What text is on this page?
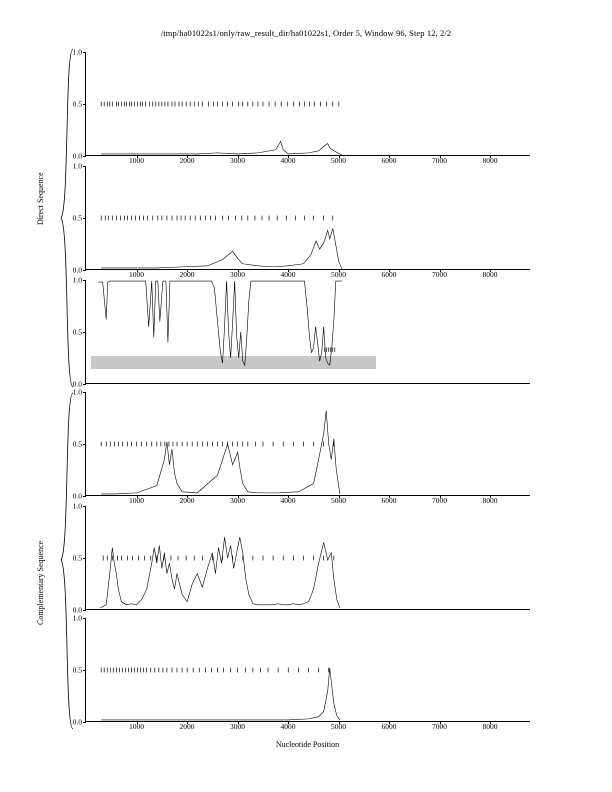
/tmp/ha01022s1/only/raw_result_dir/ha01022s1, Order 5, Window 96, Step 12, 2/2
Direct Sequence
Complementary Sequence
1.0
0.5
0.0
1000	2000	3000	4000	5000	6000	7000	8000
1.0
0.5
0.0
1000	2000	3000	4000	5000	6000	7000	8000
1.0
0.5
0.0
1.0
0.5
0.0
1000	2000	3000	4000	5000	6000	7000	8000
1.0
0.5
0.0
1.0
0.5
0.0
1000	2000	3000	4000	5000	6000	7000	8000
Nucleotide Position
